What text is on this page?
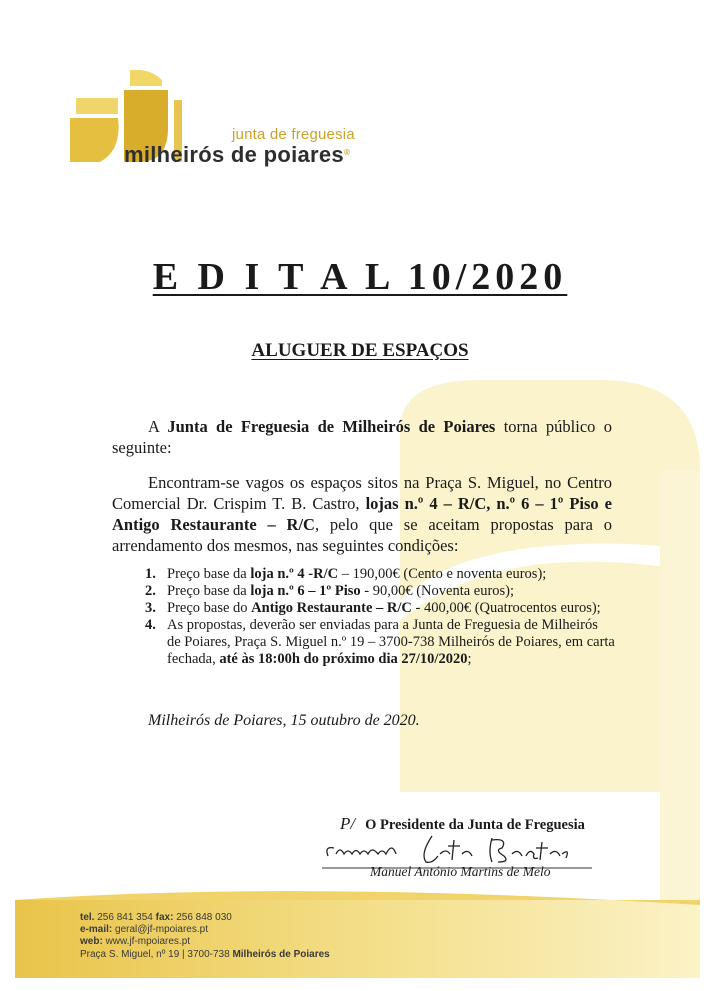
junta de freguesia
milheirós de poiares®
E D I T A L 10/2020
ALUGUER DE ESPAÇOS
A Junta de Freguesia de Milheirós de Poiares torna público o seguinte:
Encontram-se vagos os espaços sitos na Praça S. Miguel, no Centro Comercial Dr. Crispim T. B. Castro, lojas n.º 4 – R/C, n.º 6 – 1º Piso e Antigo Restaurante – R/C, pelo que se aceitam propostas para o arrendamento dos mesmos, nas seguintes condições:
1. Preço base da loja n.º 4 -R/C – 190,00€ (Cento e noventa euros);
2. Preço base da loja n.º 6 – 1º Piso - 90,00€ (Noventa euros);
3. Preço base do Antigo Restaurante – R/C - 400,00€ (Quatrocentos euros);
4. As propostas, deverão ser enviadas para a Junta de Freguesia de Milheirós de Poiares, Praça S. Miguel n.º 19 – 3700-738 Milheirós de Poiares, em carta fechada, até às 18:00h do próximo dia 27/10/2020;
Milheirós de Poiares, 15 outubro de 2020.
P/ O Presidente da Junta de Freguesia
Manuel António Martins de Melo
tel. 256 841 354 fax: 256 848 030
e-mail: geral@jf-mpoiares.pt
web: www.jf-mpoiares.pt
Praça S. Miguel, nº 19 | 3700-738 Milheirós de Poiares
